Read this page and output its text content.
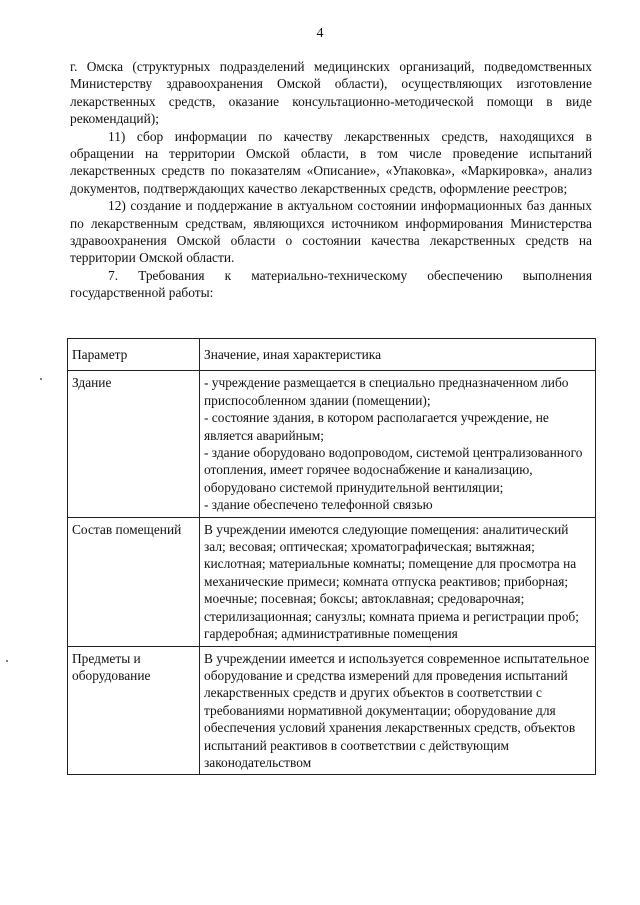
4

г. Омска (структурных подразделений медицинских организаций, подведомственных Министерству здравоохранения Омской области), осуществляющих изготовление лекарственных средств, оказание консультационно-методической помощи в виде рекомендаций);

11) сбор информации по качеству лекарственных средств, находящихся в обращении на территории Омской области, в том числе проведение испытаний лекарственных средств по показателям «Описание», «Упаковка», «Маркировка», анализ документов, подтверждающих качество лекарственных средств, оформление реестров;

12) создание и поддержание в актуальном состоянии информационных баз данных по лекарственным средствам, являющихся источником информирования Министерства здравоохранения Омской области о состоянии качества лекарственных средств на территории Омской области.

7. Требования к материально-техническому обеспечению выполнения государственной работы:

Параметр	Значение, иная характеристика
Здание	- учреждение размещается в специально предназначенном либо приспособленном здании (помещении);
- состояние здания, в котором располагается учреждение, не является аварийным;
- здание оборудовано водопроводом, системой централизованного отопления, имеет горячее водоснабжение и канализацию, оборудовано системой принудительной вентиляции;
- здание обеспечено телефонной связью

Состав помещений	В учреждении имеются следующие помещения: аналитический зал; весовая; оптическая; хроматографическая; вытяжная; кислотная; материальные комнаты; помещение для просмотра на механические примеси; комната отпуска реактивов; приборная; моечные; посевная; боксы; автоклавная; средоварочная; стерилизационная; санузлы; комната приема и регистрации проб; гардеробная; административные помещения

Предметы и оборудование	В учреждении имеется и используется современное испытательное оборудование и средства измерений для проведения испытаний лекарственных средств и других объектов в соответствии с требованиями нормативной документации; оборудование для обеспечения условий хранения лекарственных средств, объектов испытаний реактивов в соответствии с действующим законодательством
